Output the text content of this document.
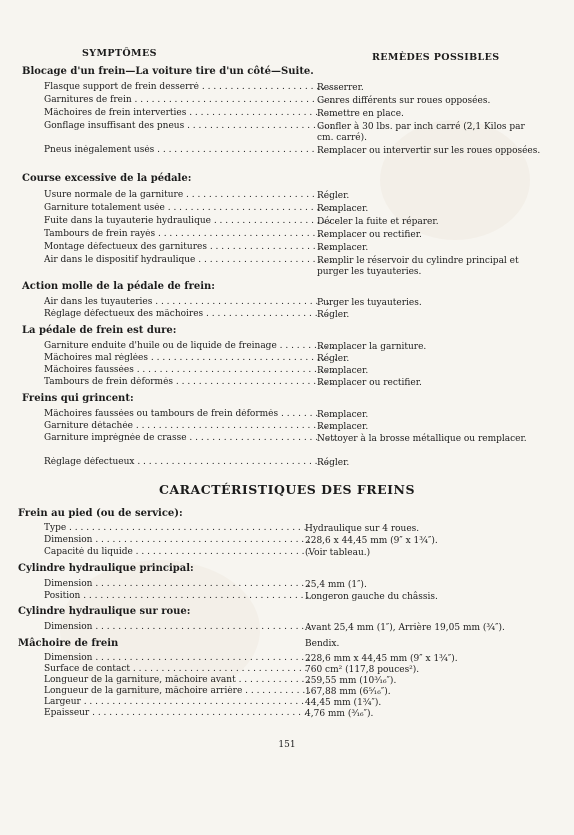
SYMPTÔMES	REMÈDES POSSIBLES
Blocage d'un frein—La voiture tire d'un côté—Suite.
Flasque support de frein desserré . . .	Resserrer.
Garnitures de frein . . .	Genres différents sur roues opposées.
Mâchoires de frein interverties . . .	Remettre en place.
Gonflage insuffisant des pneus . . .	Gonfler à 30 lbs. par inch carré (2,1 Kilos par cm. carré).
Pneus inégalement usés . . .	Remplacer ou intervertir sur les roues opposées.
Course excessive de la pédale:
Usure normale de la garniture . . .	Régler.
Garniture totalement usée . . .	Remplacer.
Fuite dans la tuyauterie hydraulique . . .	Déceler la fuite et réparer.
Tambours de frein rayés . . .	Remplacer ou rectifier.
Montage défectueux des garnitures . . .	Remplacer.
Air dans le dispositif hydraulique . . .	Remplir le réservoir du cylindre principal et purger les tuyauteries.
Action molle de la pédale de frein:
Air dans les tuyauteries . . .	Purger les tuyauteries.
Réglage défectueux des mâchoires . . .	Régler.
La pédale de frein est dure:
Garniture enduite d'huile ou de liquide de freinage . . .	Remplacer la garniture.
Mâchoires mal réglées . . .	Régler.
Mâchoires faussées . . .	Remplacer.
Tambours de frein déformés . . .	Remplacer ou rectifier.
Freins qui grincent:
Mâchoires faussées ou tambours de frein déformés . . .	Remplacer.
Garniture détachée . . .	Remplacer.
Garniture imprégnée de crasse . . .	Nettoyer à la brosse métallique ou remplacer.
Réglage défectueux . . .	Régler.
CARACTÉRISTIQUES DES FREINS
Frein au pied (ou de service):
Type . . .	Hydraulique sur 4 roues.
Dimension . . .	228,6 x 44,45 mm (9″ x 1¾″).
Capacité du liquide . . .	(Voir tableau.)
Cylindre hydraulique principal:
Dimension . . .	25,4 mm (1″).
Position . . .	Longeron gauche du châssis.
Cylindre hydraulique sur roue:
Dimension . . .	Avant 25,4 mm (1″), Arrière 19,05 mm (¾″).
Mâchoire de frein	Bendix.
Dimension . . .	228,6 mm x 44,45 mm (9″ x 1¾″).
Surface de contact . . .	760 cm² (117,8 pouces²).
Longueur de la garniture, mâchoire avant . . .	259,55 mm (10³⁄₁₆″).
Longueur de la garniture, mâchoire arrière . . .	167,88 mm (6⁵⁄₁₆″).
Largeur . . .	44,45 mm (1¾″).
Épaisseur . . .	4,76 mm (³⁄₁₆″).
151
